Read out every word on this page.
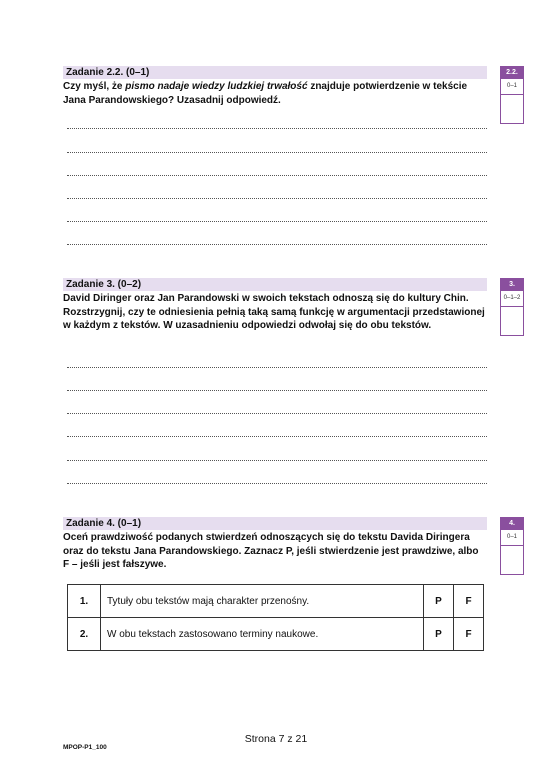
Zadanie 2.2. (0–1)
Czy myśl, że pismo nadaje wiedzy ludzkiej trwałość znajduje potwierdzenie w tekście Jana Parandowskiego? Uzasadnij odpowiedź.
2.2.
0–1
Zadanie 3. (0–2)
David Diringer oraz Jan Parandowski w swoich tekstach odnoszą się do kultury Chin. Rozstrzygnij, czy te odniesienia pełnią taką samą funkcję w argumentacji przedstawionej w każdym z tekstów. W uzasadnieniu odpowiedzi odwołaj się do obu tekstów.
3.
0–1–2
Zadanie 4. (0–1)
Oceń prawdziwość podanych stwierdzeń odnoszących się do tekstu Davida Diringera oraz do tekstu Jana Parandowskiego. Zaznacz P, jeśli stwierdzenie jest prawdziwe, albo F – jeśli jest fałszywe.
4.
0–1
1.	Tytuły obu tekstów mają charakter przenośny.	P	F
2.	W obu tekstach zastosowano terminy naukowe.	P	F
Strona 7 z 21
MPOP-P1_100
